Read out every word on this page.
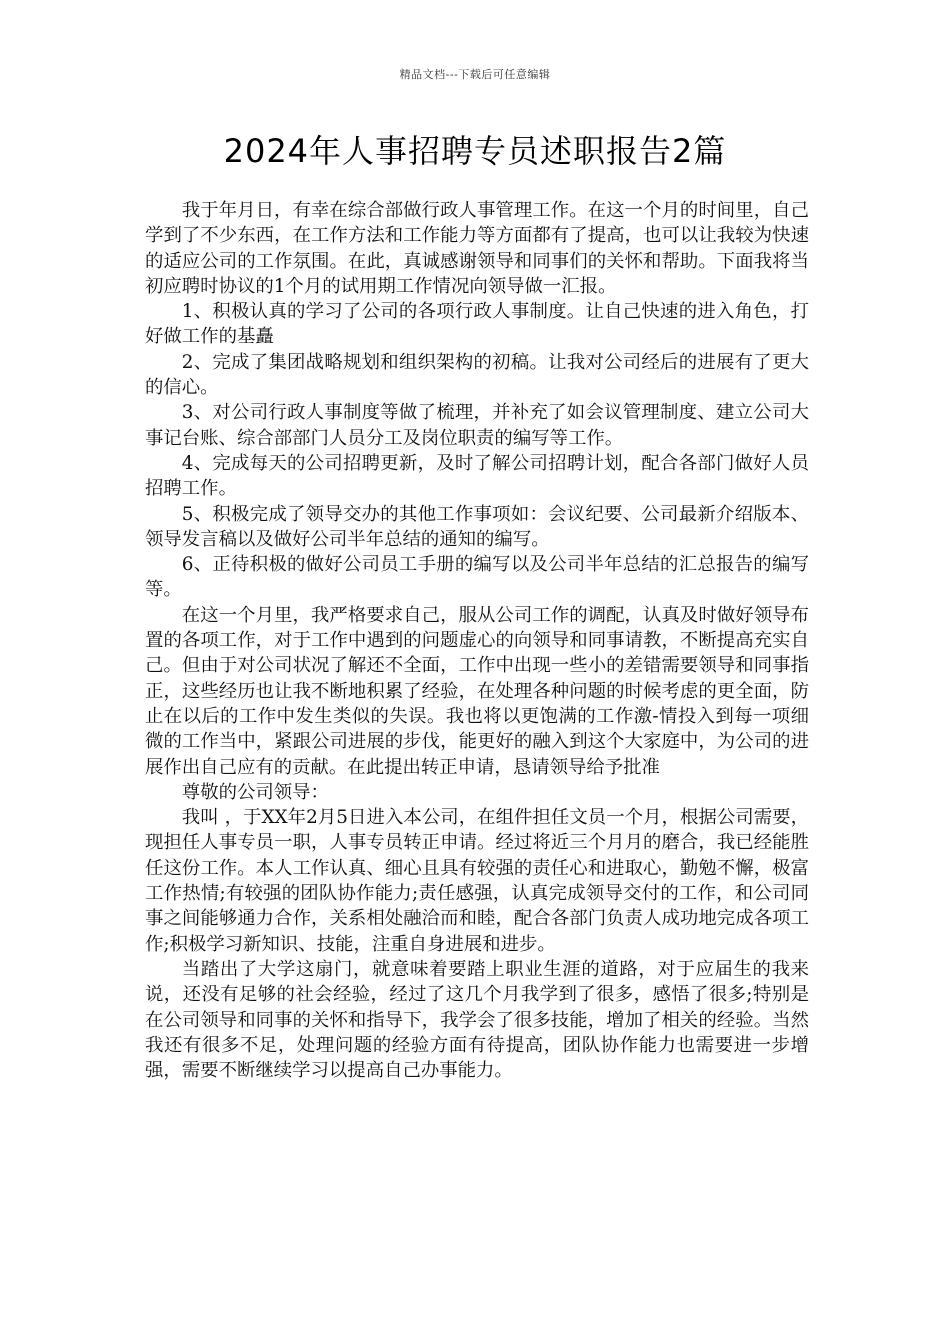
精品文档---下载后可任意编辑
2024年人事招聘专员述职报告2篇

我于年月日，有幸在综合部做行政人事管理工作。在这一个月的时间里，自己学到了不少东西，在工作方法和工作能力等方面都有了提高，也可以让我较为快速的适应公司的工作氛围。在此，真诚感谢领导和同事们的关怀和帮助。下面我将当初应聘时协议的1个月的试用期工作情况向领导做一汇报。

1、积极认真的学习了公司的各项行政人事制度。让自己快速的进入角色，打好做工作的基矗

2、完成了集团战略规划和组织架构的初稿。让我对公司经后的进展有了更大的信心。

3、对公司行政人事制度等做了梳理，并补充了如会议管理制度、建立公司大事记台账、综合部部门人员分工及岗位职责的编写等工作。

4、完成每天的公司招聘更新，及时了解公司招聘计划，配合各部门做好人员招聘工作。

5、积极完成了领导交办的其他工作事项如：会议纪要、公司最新介绍版本、领导发言稿以及做好公司半年总结的通知的编写。

6、正待积极的做好公司员工手册的编写以及公司半年总结的汇总报告的编写等。

在这一个月里，我严格要求自己，服从公司工作的调配，认真及时做好领导布置的各项工作，对于工作中遇到的问题虚心的向领导和同事请教，不断提高充实自己。但由于对公司状况了解还不全面，工作中出现一些小的差错需要领导和同事指正，这些经历也让我不断地积累了经验，在处理各种问题的时候考虑的更全面，防止在以后的工作中发生类似的失误。我也将以更饱满的工作激-情投入到每一项细微的工作当中，紧跟公司进展的步伐，能更好的融入到这个大家庭中，为公司的进展作出自己应有的贡献。在此提出转正申请，恳请领导给予批准

尊敬的公司领导：

我叫 ，于XX年2月5日进入本公司，在组件担任文员一个月，根据公司需要，现担任人事专员一职，人事专员转正申请。经过将近三个月月的磨合，我已经能胜任这份工作。本人工作认真、细心且具有较强的责任心和进取心，勤勉不懈，极富工作热情;有较强的团队协作能力;责任感强，认真完成领导交付的工作，和公司同事之间能够通力合作，关系相处融洽而和睦，配合各部门负责人成功地完成各项工作;积极学习新知识、技能，注重自身进展和进步。

当踏出了大学这扇门，就意味着要踏上职业生涯的道路，对于应届生的我来说，还没有足够的社会经验，经过了这几个月我学到了很多，感悟了很多;特别是在公司领导和同事的关怀和指导下，我学会了很多技能，增加了相关的经验。当然我还有很多不足，处理问题的经验方面有待提高，团队协作能力也需要进一步增强，需要不断继续学习以提高自己办事能力。
